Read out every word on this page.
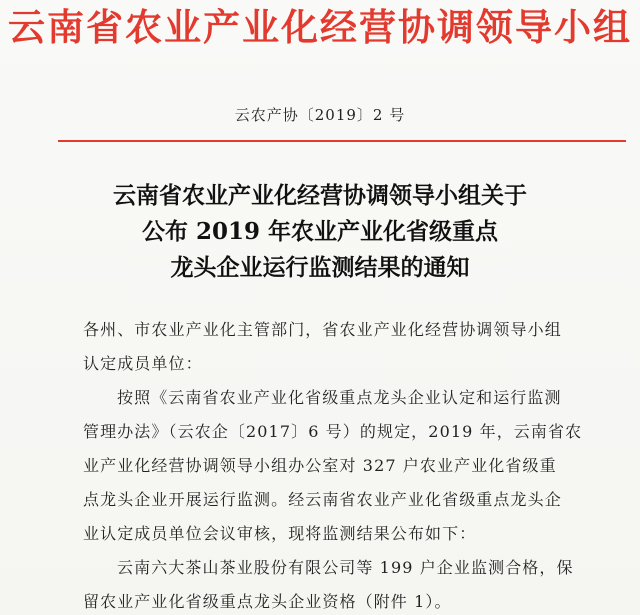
云南省农业产业化经营协调领导小组
云农产协〔2019〕2 号
云南省农业产业化经营协调领导小组关于
公布 2019 年农业产业化省级重点
龙头企业运行监测结果的通知

各州、市农业产业化主管部门，省农业产业化经营协调领导小组

认定成员单位：

按照《云南省农业产业化省级重点龙头企业认定和运行监测

管理办法》（云农企〔2017〕6 号）的规定，2019 年，云南省农

业产业化经营协调领导小组办公室对 327 户农业产业化省级重

点龙头企业开展运行监测。经云南省农业产业化省级重点龙头企

业认定成员单位会议审核，现将监测结果公布如下：

云南六大茶山茶业股份有限公司等 199 户企业监测合格，保

留农业产业化省级重点龙头企业资格（附件 1）。
